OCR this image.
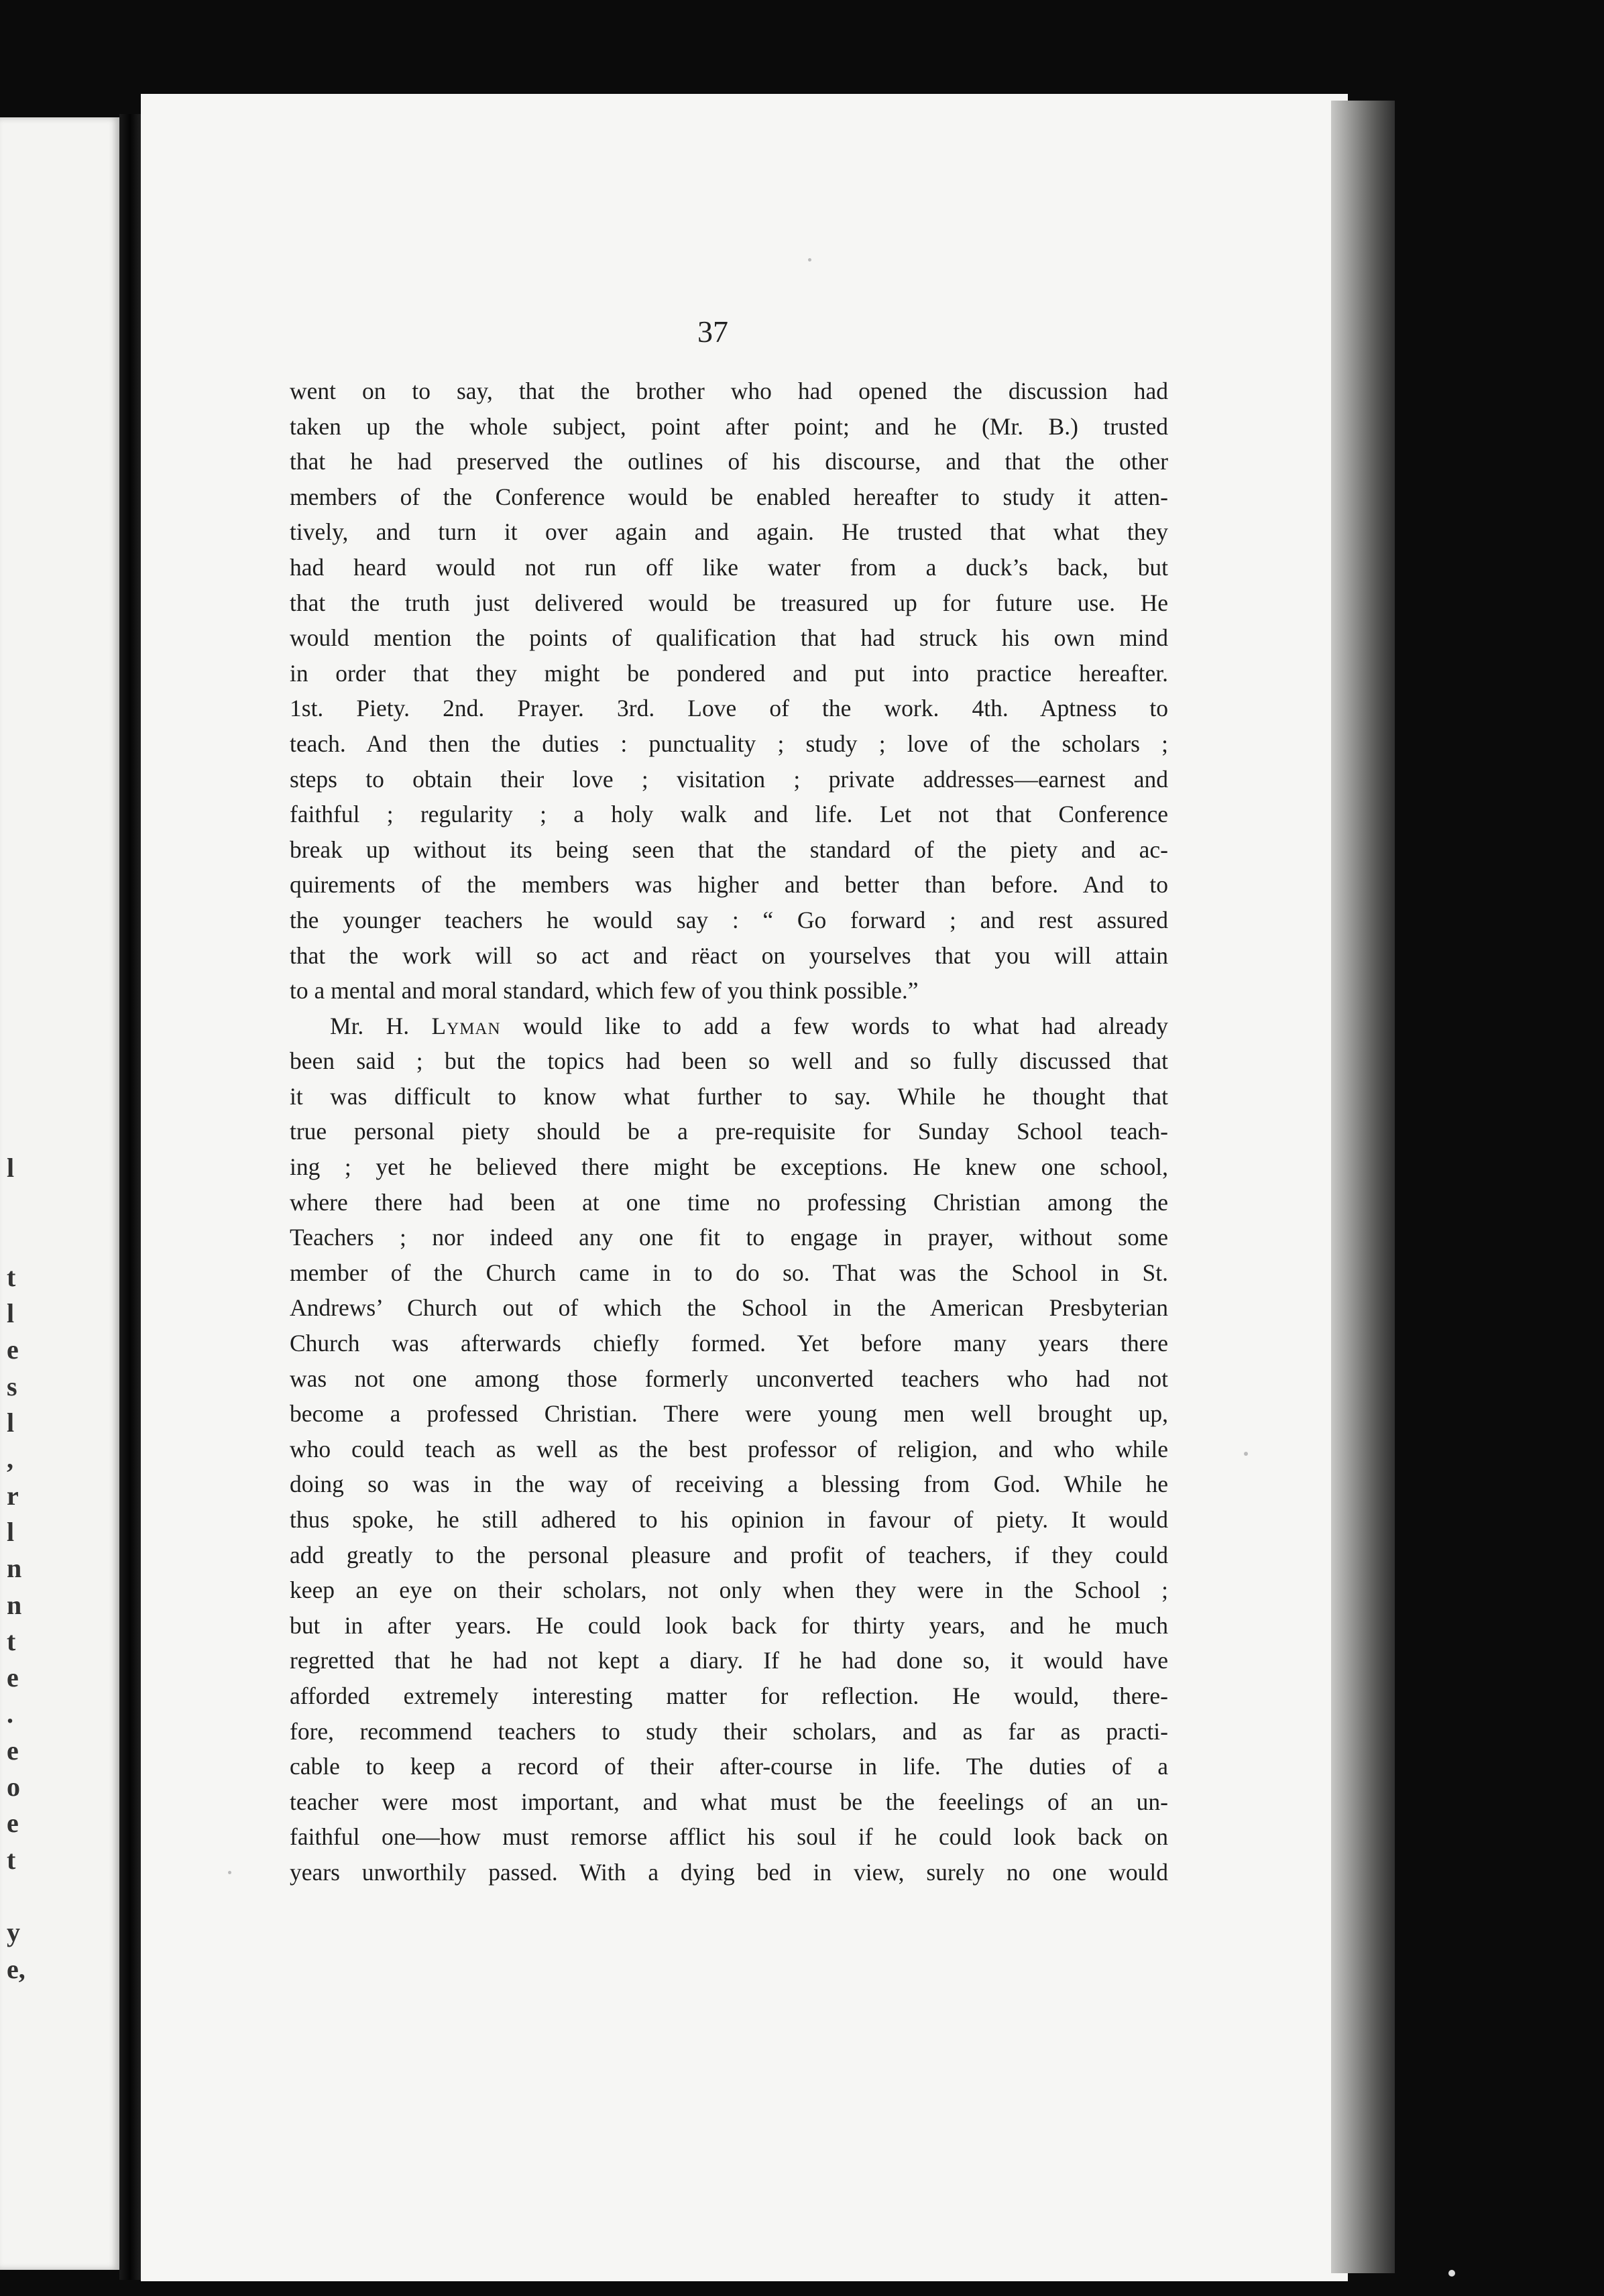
l
t
l
e
s
l
,
r
l
n
n
t
e
.
e
o
e
t
y
e,
37
went on to say, that the brother who had opened the discussion had
taken up the whole subject, point after point; and he (Mr. B.) trusted
that he had preserved the outlines of his discourse, and that the other
members of the Conference would be enabled hereafter to study it atten-
tively, and turn it over again and again. He trusted that what they
had heard would not run off like water from a duck’s back, but
that the truth just delivered would be treasured up for future use. He
would mention the points of qualification that had struck his own mind
in order that they might be pondered and put into practice hereafter.
1st. Piety. 2nd. Prayer. 3rd. Love of the work. 4th. Aptness to
teach. And then the duties : punctuality ; study ; love of the scholars ;
steps to obtain their love ; visitation ; private addresses—earnest and
faithful ; regularity ; a holy walk and life. Let not that Conference
break up without its being seen that the standard of the piety and ac-
quirements of the members was higher and better than before. And to
the younger teachers he would say : “ Go forward ; and rest assured
that the work will so act and rëact on yourselves that you will attain
to a mental and moral standard, which few of you think possible.”
Mr. H. Lyman would like to add a few words to what had already
been said ; but the topics had been so well and so fully discussed that
it was difficult to know what further to say. While he thought that
true personal piety should be a pre-requisite for Sunday School teach-
ing ; yet he believed there might be exceptions. He knew one school,
where there had been at one time no professing Christian among the
Teachers ; nor indeed any one fit to engage in prayer, without some
member of the Church came in to do so. That was the School in St.
Andrews’ Church out of which the School in the American Presbyterian
Church was afterwards chiefly formed. Yet before many years there
was not one among those formerly unconverted teachers who had not
become a professed Christian. There were young men well brought up,
who could teach as well as the best professor of religion, and who while
doing so was in the way of receiving a blessing from God. While he
thus spoke, he still adhered to his opinion in favour of piety. It would
add greatly to the personal pleasure and profit of teachers, if they could
keep an eye on their scholars, not only when they were in the School ;
but in after years. He could look back for thirty years, and he much
regretted that he had not kept a diary. If he had done so, it would have
afforded extremely interesting matter for reflection. He would, there-
fore, recommend teachers to study their scholars, and as far as practi-
cable to keep a record of their after-course in life. The duties of a
teacher were most important, and what must be the feeelings of an un-
faithful one—how must remorse afflict his soul if he could look back on
years unworthily passed. With a dying bed in view, surely no one would
